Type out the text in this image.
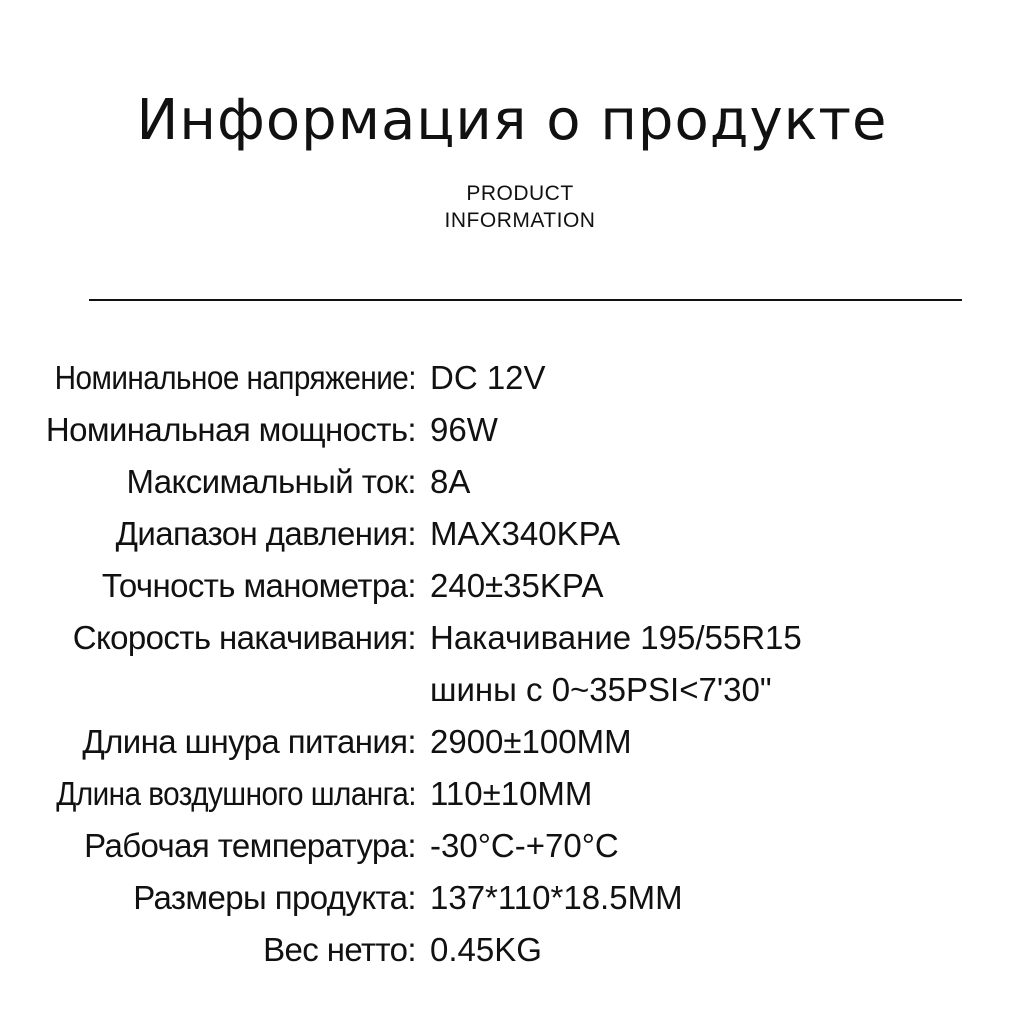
Информация о продукте
PRODUCT
INFORMATION
Номинальное напряжение: DC 12V
Номинальная мощность: 96W
Максимальный ток: 8A
Диапазон давления: MAX340KPA
Точность манометра: 240±35KPA
Скорость накачивания: Накачивание 195/55R15
шины с 0~35PSI<7'30"
Длина шнура питания: 2900±100MM
Длина воздушного шланга: 110±10MM
Рабочая температура: -30°C-+70°C
Размеры продукта: 137*110*18.5MM
Вес нетто: 0.45KG
